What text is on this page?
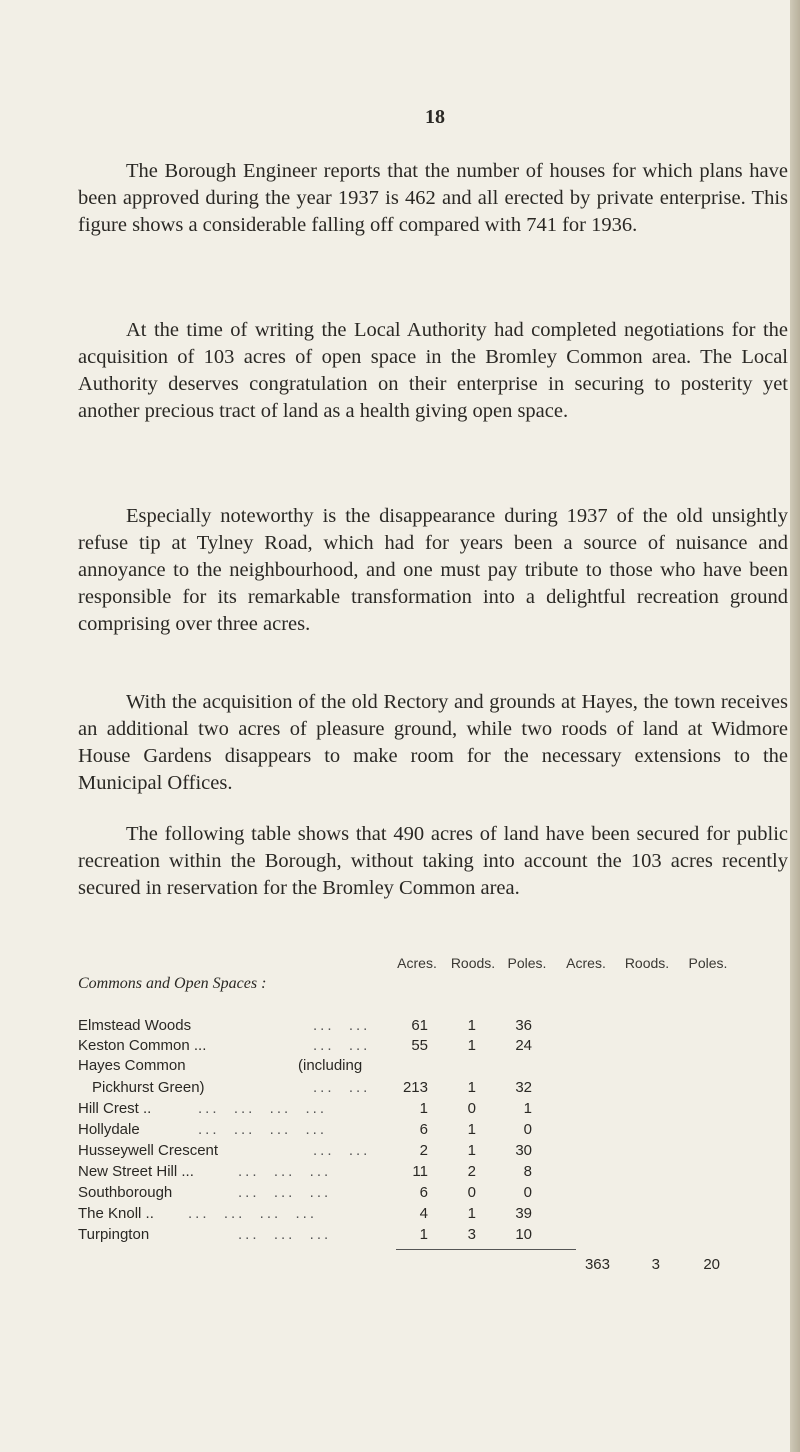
18

The Borough Engineer reports that the number of houses for which plans have been approved during the year 1937 is 462 and all erected by private enterprise. This figure shows a considerable falling off compared with 741 for 1936.

At the time of writing the Local Authority had completed negotiations for the acquisition of 103 acres of open space in the Bromley Common area. The Local Authority deserves congratulation on their enterprise in securing to posterity yet another precious tract of land as a health giving open space.

Especially noteworthy is the disappearance during 1937 of the old unsightly refuse tip at Tylney Road, which had for years been a source of nuisance and annoyance to the neighbourhood, and one must pay tribute to those who have been responsible for its remarkable transformation into a delightful recreation ground comprising over three acres.

With the acquisition of the old Rectory and grounds at Hayes, the town receives an additional two acres of pleasure ground, while two roods of land at Widmore House Gardens disappears to make room for the necessary extensions to the Municipal Offices.

The following table shows that 490 acres of land have been secured for public recreation within the Borough, without taking into account the 103 acres recently secured in reservation for the Bromley Common area.

Acres. Roods. Poles.	Acres.	Roods.	Poles.
Commons and Open Spaces :
Elmstead Woods	...  ...	61	1	36
Keston Common ...	...  ...	55	1	24
Hayes Common	(including
Pickhurst Green)	...  ...	213	1	32
Hill Crest ..	...  ...  ...  ...	1	0	1
Hollydale	...  ...  ...  ...	6	1	0
Husseywell Crescent	...  ...	2	1	30
New Street Hill ...	...  ...  ...	11	2	8
Southborough	...  ...  ...	6	0	0
The Knoll .. ...  ...  ...  ...	4	1	39
Turpington	...  ...  ...	1	3	10
363	3	20
